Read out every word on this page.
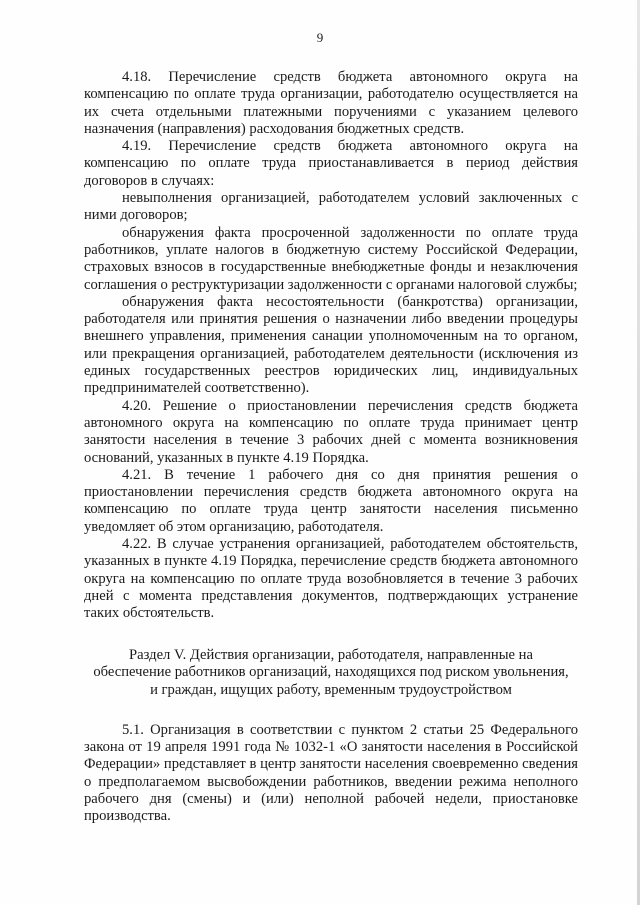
9

4.18. Перечисление средств бюджета автономного округа на компенсацию по оплате труда организации, работодателю осуществляется на их счета отдельными платежными поручениями с указанием целевого назначения (направления) расходования бюджетных средств.

4.19. Перечисление средств бюджета автономного округа на компенсацию по оплате труда приостанавливается в период действия договоров в случаях:

невыполнения организацией, работодателем условий заключенных с ними договоров;

обнаружения факта просроченной задолженности по оплате труда работников, уплате налогов в бюджетную систему Российской Федерации, страховых взносов в государственные внебюджетные фонды и незаключения соглашения о реструктуризации задолженности с органами налоговой службы;

обнаружения факта несостоятельности (банкротства) организации, работодателя или принятия решения о назначении либо введении процедуры внешнего управления, применения санации уполномоченным на то органом, или прекращения организацией, работодателем деятельности (исключения из единых государственных реестров юридических лиц, индивидуальных предпринимателей соответственно).

4.20. Решение о приостановлении перечисления средств бюджета автономного округа на компенсацию по оплате труда принимает центр занятости населения в течение 3 рабочих дней с момента возникновения оснований, указанных в пункте 4.19 Порядка.

4.21. В течение 1 рабочего дня со дня принятия решения о приостановлении перечисления средств бюджета автономного округа на компенсацию по оплате труда центр занятости населения письменно уведомляет об этом организацию, работодателя.

4.22. В случае устранения организацией, работодателем обстоятельств, указанных в пункте 4.19 Порядка, перечисление средств бюджета автономного округа на компенсацию по оплате труда возобновляется в течение 3 рабочих дней с момента представления документов, подтверждающих устранение таких обстоятельств.

Раздел V. Действия организации, работодателя, направленные на
обеспечение работников организаций, находящихся под риском увольнения,
и граждан, ищущих работу, временным трудоустройством

5.1. Организация в соответствии с пунктом 2 статьи 25 Федерального закона от 19 апреля 1991 года № 1032-1 «О занятости населения в Российской Федерации» представляет в центр занятости населения своевременно сведения о предполагаемом высвобождении работников, введении режима неполного рабочего дня (смены) и (или) неполной рабочей недели, приостановке производства.
